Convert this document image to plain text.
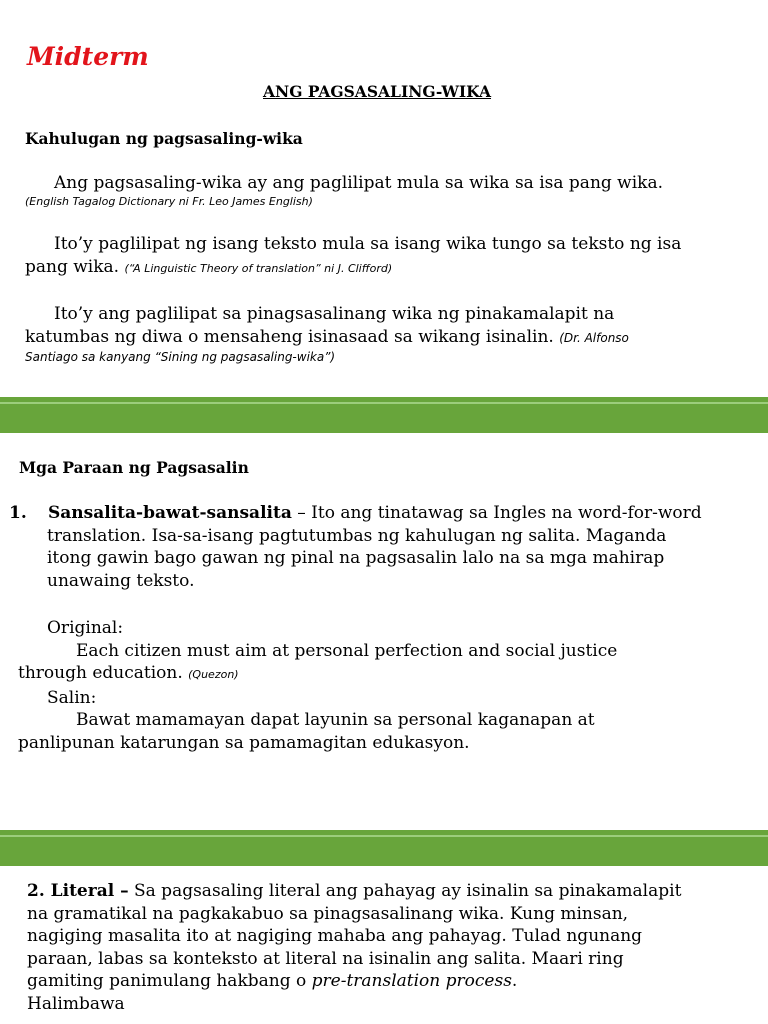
Midterm
ANG PAGSASALING-WIKA
Kahulugan ng pagsasaling-wika

Ang pagsasaling-wika ay ang paglilipat mula sa wika sa isa pang wika.

(English Tagalog Dictionary ni Fr. Leo James English)

Ito’y paglilipat ng isang teksto mula sa isang wika tungo sa teksto ng isa

pang wika. (“A Linguistic Theory of translation” ni J. Clifford)

Ito’y ang paglilipat sa pinagsasalinang wika ng pinakamalapit na

katumbas ng diwa o mensaheng isinasaad sa wikang isinalin. (Dr. Alfonso

Santiago sa kanyang “Sining ng pagsasaling-wika”)

Mga Paraan ng Pagsasalin

1. Sansalita-bawat-sansalita – Ito ang tinatawag sa Ingles na word-for-word

translation. Isa-sa-isang pagtutumbas ng kahulugan ng salita. Maganda

itong gawin bago gawan ng pinal na pagsasalin lalo na sa mga mahirap

unawaing teksto.

Original:

Each citizen must aim at personal perfection and social justice

through education. (Quezon)

Salin:

Bawat mamamayan dapat layunin sa personal kaganapan at

panlipunan katarungan sa pamamagitan edukasyon.

2. Literal – Sa pagsasaling literal ang pahayag ay isinalin sa pinakamalapit

na gramatikal na pagkakabuo sa pinagsasalinang wika. Kung minsan,

nagiging masalita ito at nagiging mahaba ang pahayag. Tulad ngunang

paraan, labas sa konteksto at literal na isinalin ang salita. Maari ring

gamiting panimulang hakbang o pre-translation process.

Halimbawa
